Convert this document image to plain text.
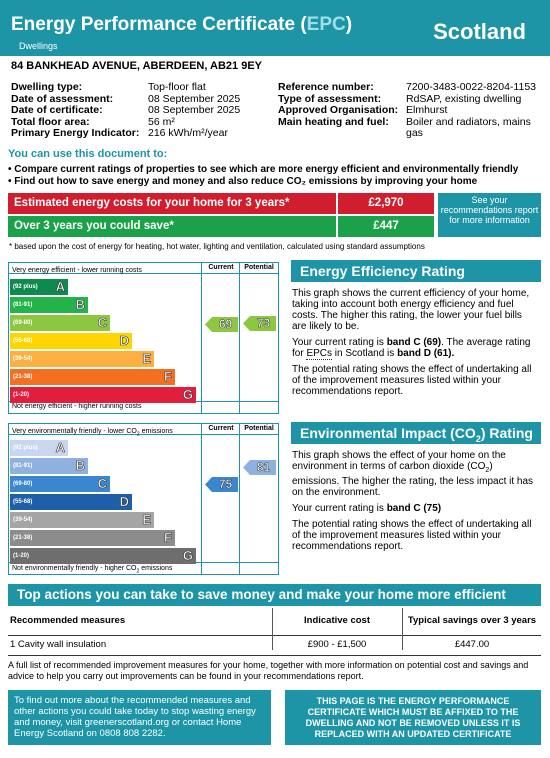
Energy Performance Certificate (EPC)
Dwellings
Scotland
84 BANKHEAD AVENUE, ABERDEEN, AB21 9EY
Dwelling type:	Top-floor flat
Date of assessment:	08 September 2025
Date of certificate:	08 September 2025
Total floor area:	56 m²
Primary Energy Indicator: 216 kWh/m²/year
Reference number:	7200-3483-0022-8204-1153
Type of assessment: RdSAP, existing dwelling
Approved Organisation: Elmhurst
Main heating and fuel: Boiler and radiators, mains gas
You can use this document to:
• Compare current ratings of properties to see which are more energy efficient and environmentally friendly
• Find out how to save energy and money and also reduce CO₂ emissions by improving your home
Estimated energy costs for your home for 3 years*	£2,970
Over 3 years you could save*	£447
See your recommendations report for more information
* based upon the cost of energy for heating, hot water, lighting and ventilation, calculated using standard assumptions
Current	Potential
Very energy efficient - lower running costs
Not energy efficient - higher running costs
(92 plus) A
(81-91)	B
(69-80)	C
(55-68)	D
(39-54)	E
(21-38)	F
(1-20)	G
69	73
Current	Potential
Very environmentally friendly - lower $CO_2$ emissions
Not environmentally friendly - higher $CO_2$ emissions
(92 plus) A
(81-91)	B
(69-80)	C
(55-68)	D
(39-54)	E
(21-38)	F
(1-20)	G
75
81
Energy Efficiency Rating
This graph shows the current efficiency of your home, taking into account both energy efficiency and fuel costs. The higher this rating, the lower your fuel bills are likely to be.
Your current rating is band C (69). The average rating for EPCs in Scotland is band D (61).
The potential rating shows the effect of undertaking all of the improvement measures listed within your recommendations report.
Environmental Impact $(CO_2)$ Rating
This graph shows the effect of your home on the environment in terms of carbon dioxide $(CO_2)$ emissions. The higher the rating, the less impact it has on the environment.
Your current rating is band C (75)
The potential rating shows the effect of undertaking all of the improvement measures listed within your recommendations report.
Top actions you can take to save money and make your home more efficient
Recommended measures	Indicative cost	Typical savings over 3 years
1 Cavity wall insulation	£900 - £1,500	£447.00
A full list of recommended improvement measures for your home, together with more information on potential cost and savings and advice to help you carry out improvements can be found in your recommendations report.
To find out more about the recommended measures and other actions you could take today to stop wasting energy and money, visit greenerscotland.org or contact Home Energy Scotland on 0808 808 2282.
THIS PAGE IS THE ENERGY PERFORMANCE CERTIFICATE WHICH MUST BE AFFIXED TO THE DWELLING AND NOT BE REMOVED UNLESS IT IS REPLACED WITH AN UPDATED CERTIFICATE
